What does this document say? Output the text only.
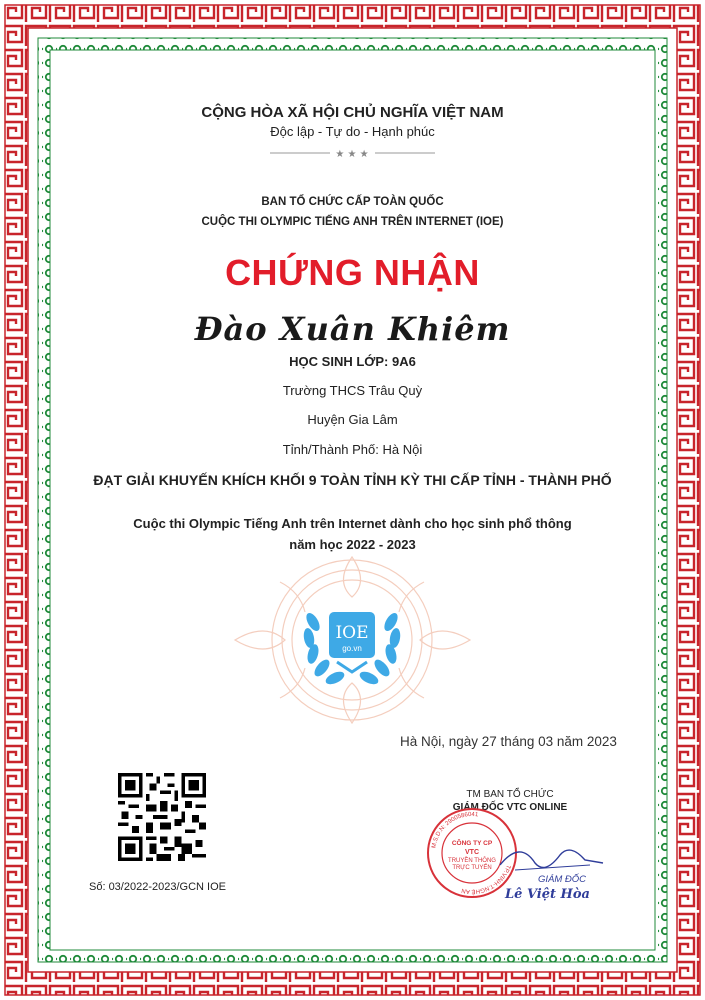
CỘNG HÒA XÃ HỘI CHỦ NGHĨA VIỆT NAM
Độc lập - Tự do - Hạnh phúc
★ ★ ★
BAN TỔ CHỨC CẤP TOÀN QUỐC
CUỘC THI OLYMPIC TIẾNG ANH TRÊN INTERNET (IOE)
CHỨNG NHẬN
Đào Xuân Khiêm
HỌC SINH LỚP: 9A6
Trường THCS Trâu Quỳ
Huyện Gia Lâm
Tỉnh/Thành Phố: Hà Nội
ĐẠT GIẢI KHUYẾN KHÍCH KHỐI 9 TOÀN TỈNH KỲ THI CẤP TỈNH - THÀNH PHỐ
Cuộc thi Olympic Tiếng Anh trên Internet dành cho học sinh phổ thông
năm học 2022 - 2023
IOE
go.vn
Hà Nội, ngày 27 tháng 03 năm 2023
Số: 03/2022-2023/GCN IOE
TM BAN TỔ CHỨC
GIÁM ĐỐC VTC ONLINE
M.S.D.N: 2900586041
TP.VINH-T.NGHỆ AN
CÔNG TY CP
VTC
TRUYỀN THÔNG
TRỰC TUYẾN
GIÁM ĐỐC
Lê Việt Hòa
